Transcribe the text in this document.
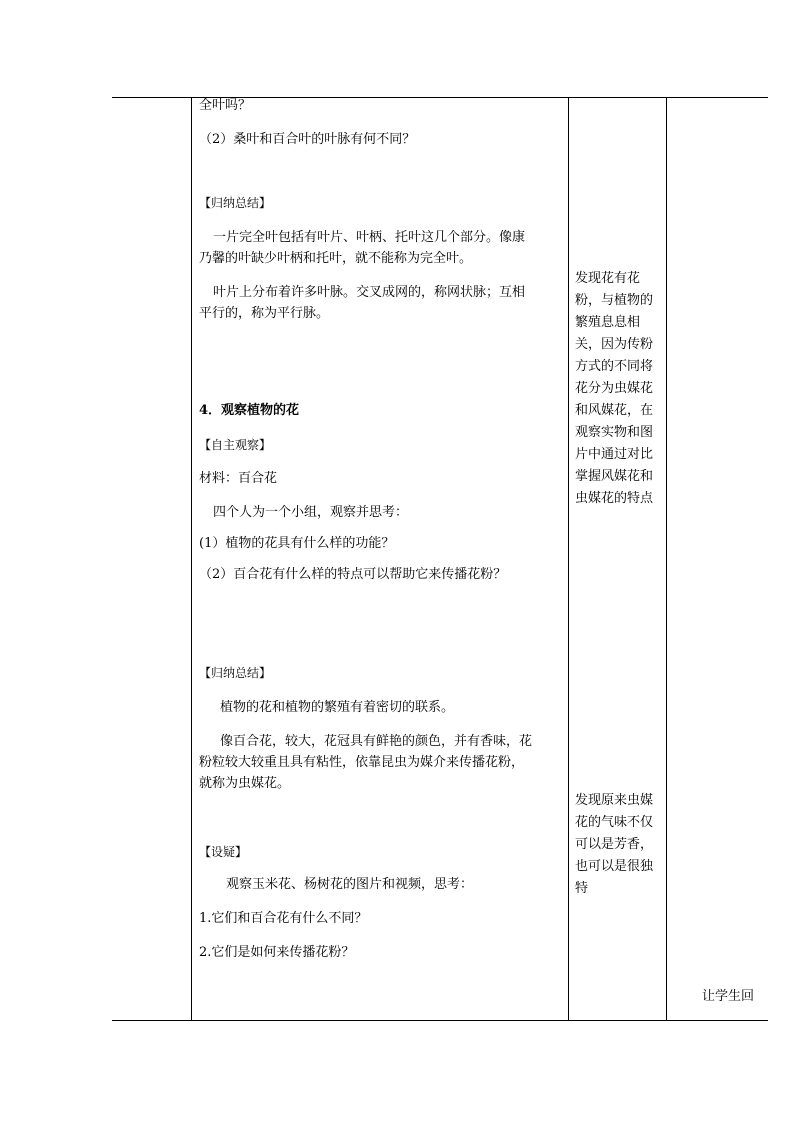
全叶吗？
（2）桑叶和百合叶的叶脉有何不同？
【归纳总结】
一片完全叶包括有叶片、叶柄、托叶这几个部分。像康
乃馨的叶缺少叶柄和托叶，就不能称为完全叶。
叶片上分布着许多叶脉。交叉成网的，称网状脉；互相
平行的，称为平行脉。
4．观察植物的花
【自主观察】
材料：百合花
四个人为一个小组，观察并思考：
(1）植物的花具有什么样的功能？
（2）百合花有什么样的特点可以帮助它来传播花粉？
【归纳总结】
植物的花和植物的繁殖有着密切的联系。
像百合花，较大，花冠具有鲜艳的颜色，并有香味，花
粉粒较大较重且具有粘性，依靠昆虫为媒介来传播花粉，
就称为虫媒花。
【设疑】
观察玉米花、杨树花的图片和视频，思考：
1.它们和百合花有什么不同？
2.它们是如何来传播花粉？
发现花有花粉，与植物的繁殖息息相关，因为传粉方式的不同将花分为虫媒花和风媒花，在观察实物和图片中通过对比掌握风媒花和虫媒花的特点
发现原来虫媒花的气味不仅可以是芳香，也可以是很独特
让学生回
